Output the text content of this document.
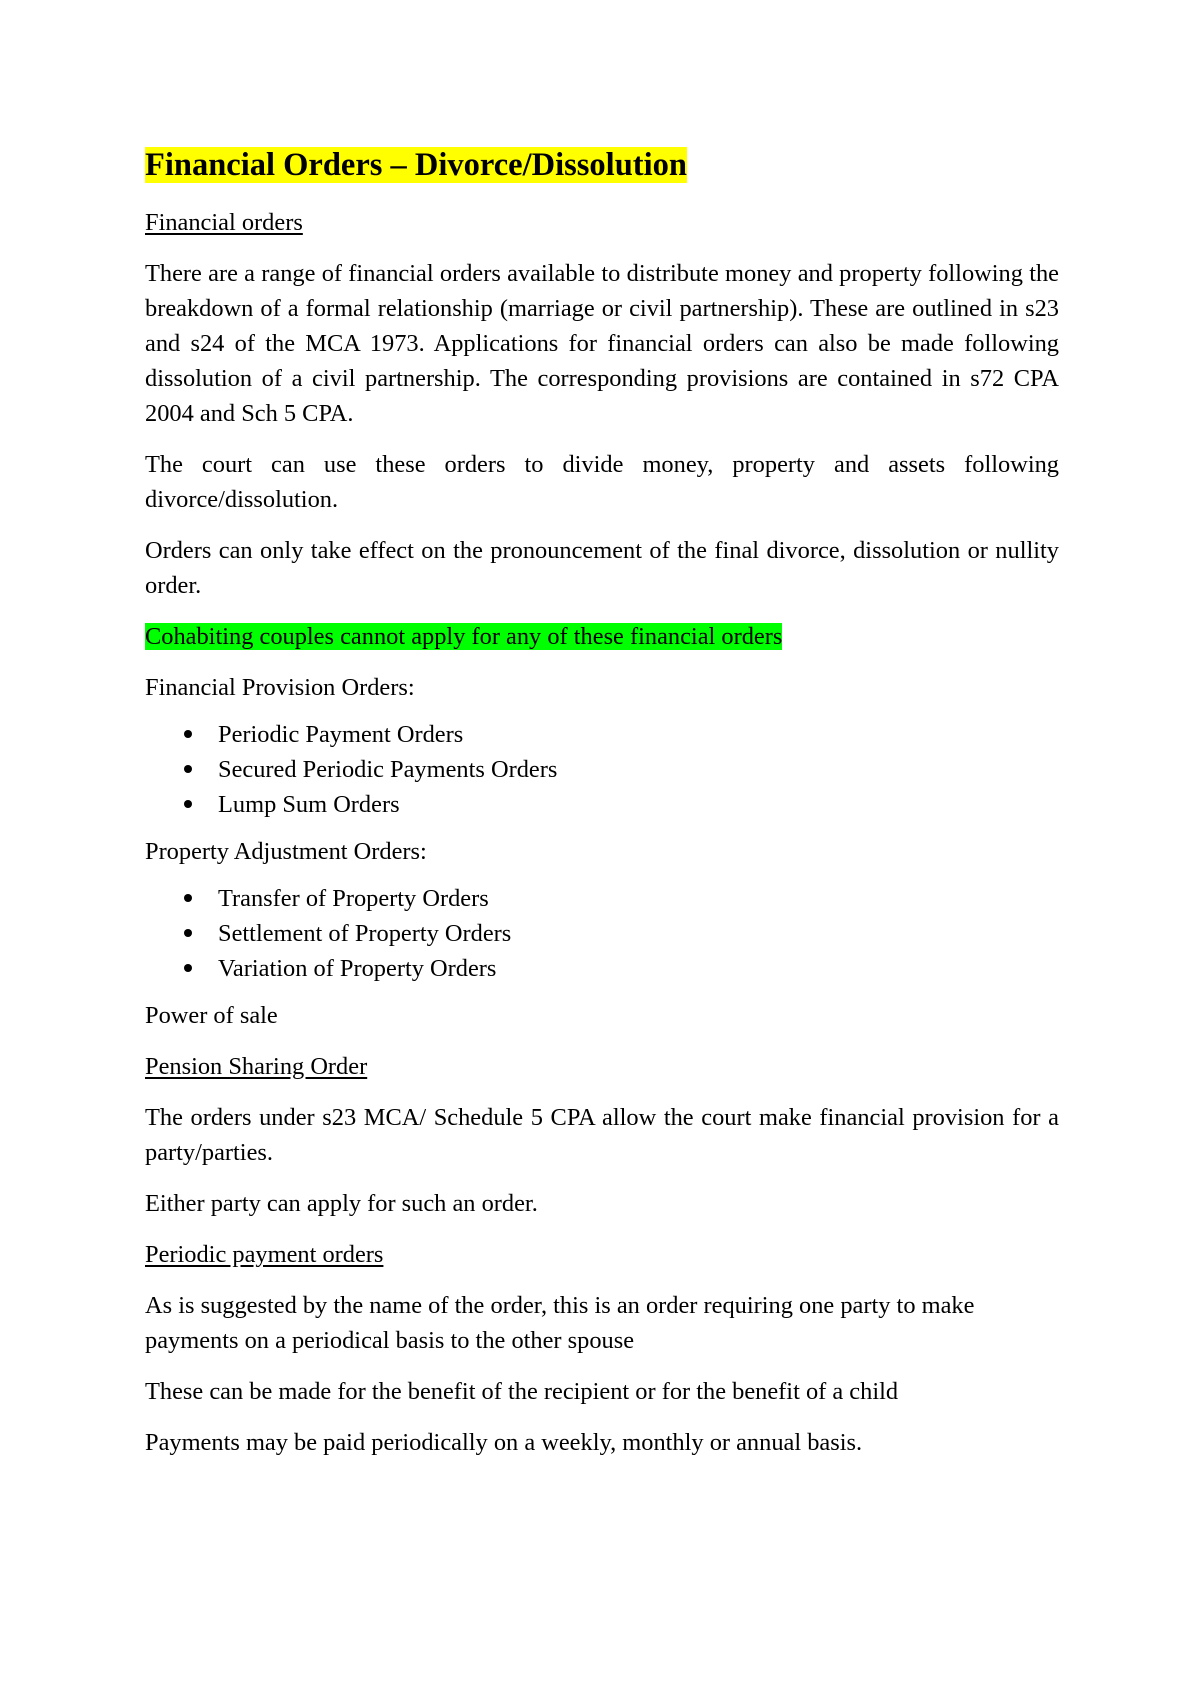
Financial Orders – Divorce/Dissolution

Financial orders

There are a range of financial orders available to distribute money and property following the breakdown of a formal relationship (marriage or civil partnership). These are outlined in s23 and s24 of the MCA 1973. Applications for financial orders can also be made following dissolution of a civil partnership. The corresponding provisions are contained in s72 CPA 2004 and Sch 5 CPA.

The court can use these orders to divide money, property and assets following divorce/dissolution.

Orders can only take effect on the pronouncement of the final divorce, dissolution or nullity order.

Cohabiting couples cannot apply for any of these financial orders

Financial Provision Orders:

Periodic Payment Orders
Secured Periodic Payments Orders
Lump Sum Orders

Property Adjustment Orders:

Transfer of Property Orders
Settlement of Property Orders
Variation of Property Orders

Power of sale

Pension Sharing Order

The orders under s23 MCA/ Schedule 5 CPA allow the court make financial provision for a party/parties.

Either party can apply for such an order.

Periodic payment orders

As is suggested by the name of the order, this is an order requiring one party to make payments on a periodical basis to the other spouse

These can be made for the benefit of the recipient or for the benefit of a child

Payments may be paid periodically on a weekly, monthly or annual basis.
